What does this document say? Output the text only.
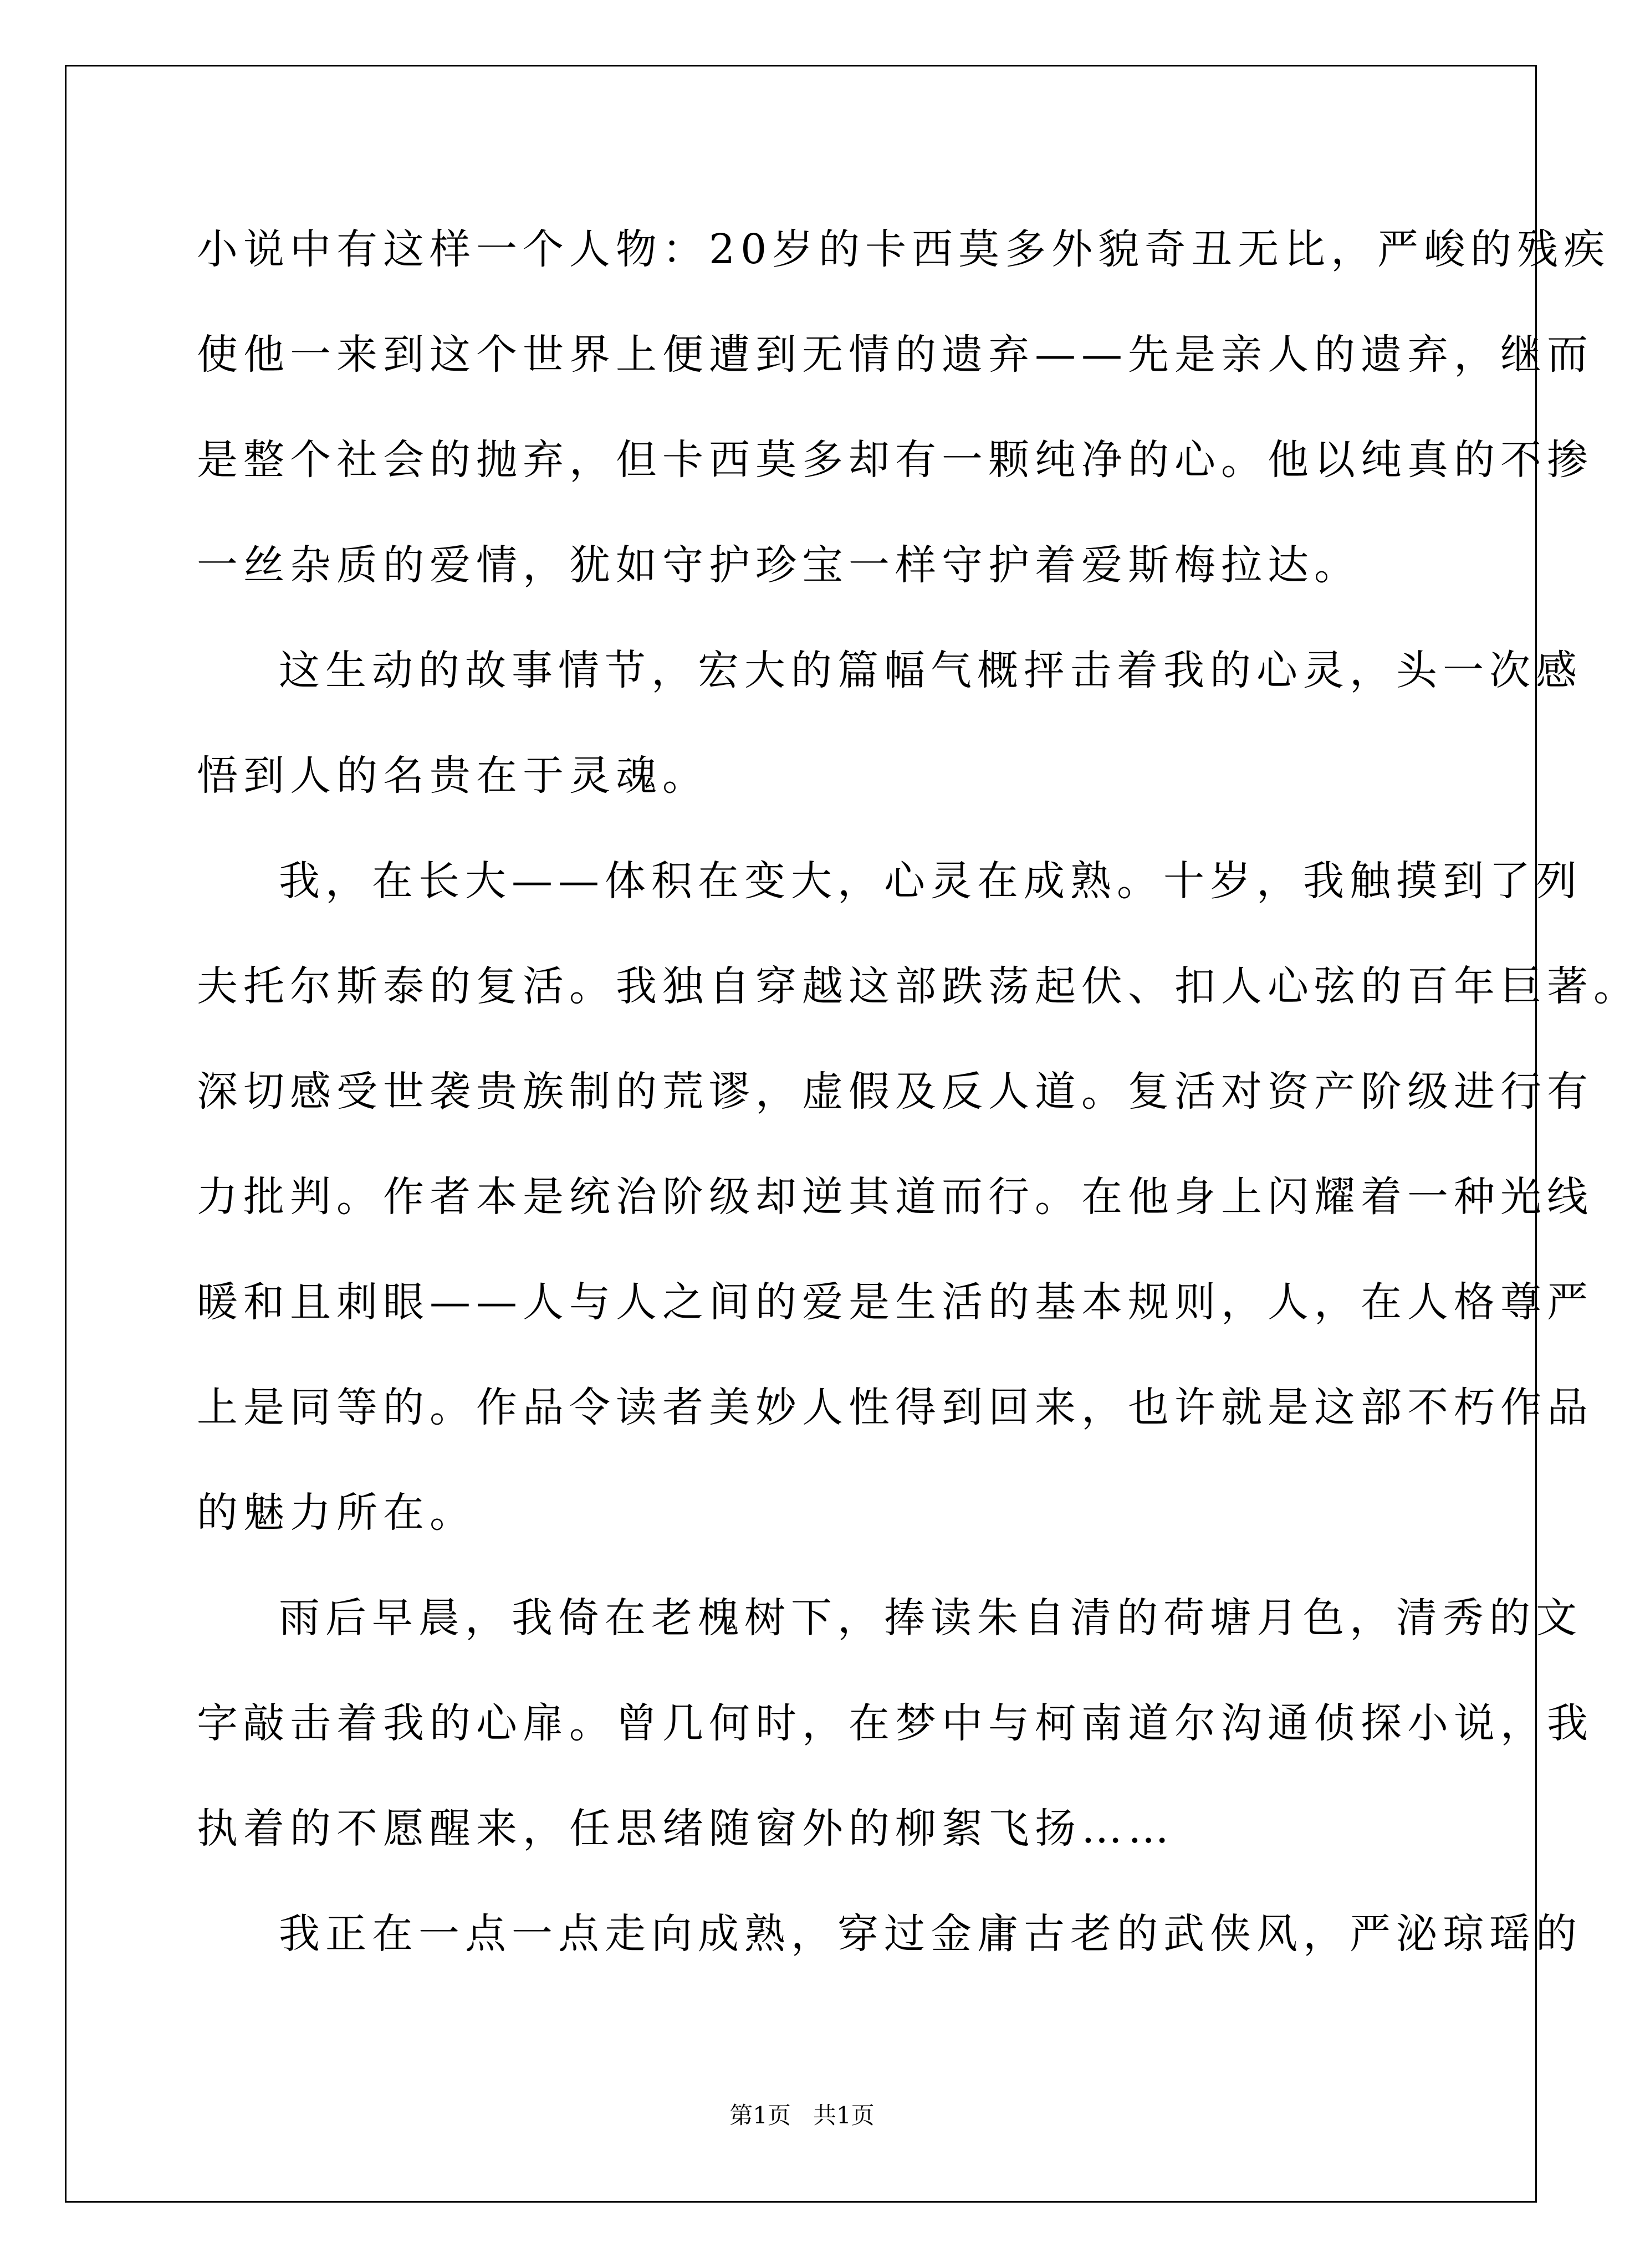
小说中有这样一个人物：20岁的卡西莫多外貌奇丑无比，严峻的残疾
使他一来到这个世界上便遭到无情的遗弃——先是亲人的遗弃，继而
是整个社会的抛弃，但卡西莫多却有一颗纯净的心。他以纯真的不掺
一丝杂质的爱情，犹如守护珍宝一样守护着爱斯梅拉达。
这生动的故事情节，宏大的篇幅气概抨击着我的心灵，头一次感
悟到人的名贵在于灵魂。
我，在长大——体积在变大，心灵在成熟。十岁，我触摸到了列
夫托尔斯泰的复活。我独自穿越这部跌荡起伏、扣人心弦的百年巨著。
深切感受世袭贵族制的荒谬，虚假及反人道。复活对资产阶级进行有
力批判。作者本是统治阶级却逆其道而行。在他身上闪耀着一种光线
暖和且刺眼——人与人之间的爱是生活的基本规则，人，在人格尊严
上是同等的。作品令读者美妙人性得到回来，也许就是这部不朽作品
的魅力所在。
雨后早晨，我倚在老槐树下，捧读朱自清的荷塘月色，清秀的文
字敲击着我的心扉。曾几何时，在梦中与柯南道尔沟通侦探小说，我
执着的不愿醒来，任思绪随窗外的柳絮飞扬……
我正在一点一点走向成熟，穿过金庸古老的武侠风，严泌琼瑶的
第1页 共1页
